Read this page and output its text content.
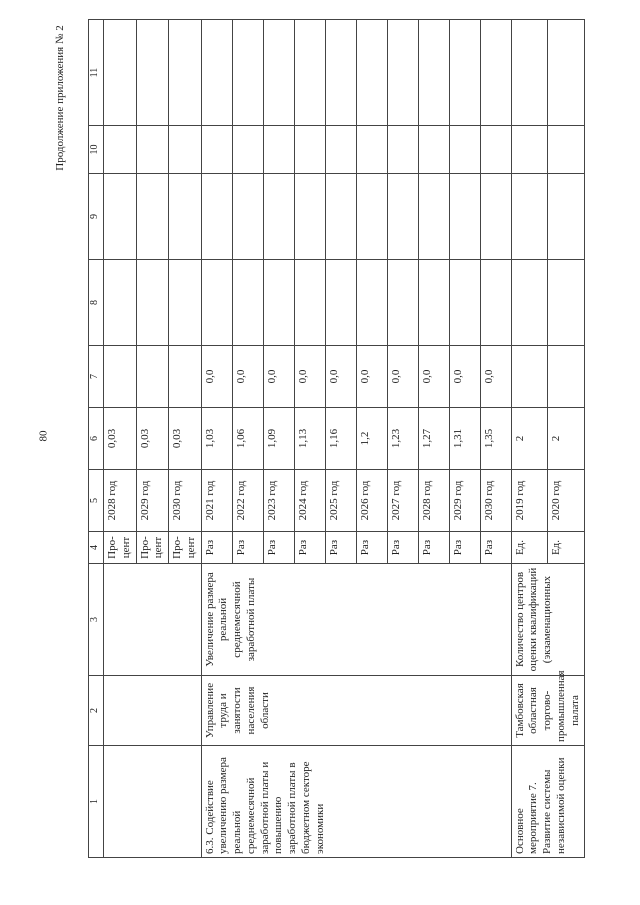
80
Продолжение приложения № 2
1	2	3	4	5	6	7	8	9	10	11
			Про-
цент	2028 год	0,03					
			Про-
цент	2029 год	0,03					
			Про-
цент	2030 год	0,03					
6.3. Содействие увеличению размера реальной среднемесячной заработной платы и повышению заработной платы в бюджетном секторе экономики	Управление труда и занятости населения области	Увеличение размера реальной среднемесячной заработной платы	Раз	2021 год	1,03	0,0				
			Раз	2022 год	1,06	0,0				
			Раз	2023 год	1,09	0,0				
			Раз	2024 год	1,13	0,0				
			Раз	2025 год	1,16	0,0				
			Раз	2026 год	1,2	0,0				
			Раз	2027 год	1,23	0,0				
			Раз	2028 год	1,27	0,0				
			Раз	2029 год	1,31	0,0				
			Раз	2030 год	1,35	0,0				
Основное мероприятие 7. Развитие системы независимой оценки	Тамбовская областная торгово-промышленная палата	Количество центров оценки квалификаций (экзаменационных	Ед.	2019 год	2					
			Ед.	2020 год	2					
